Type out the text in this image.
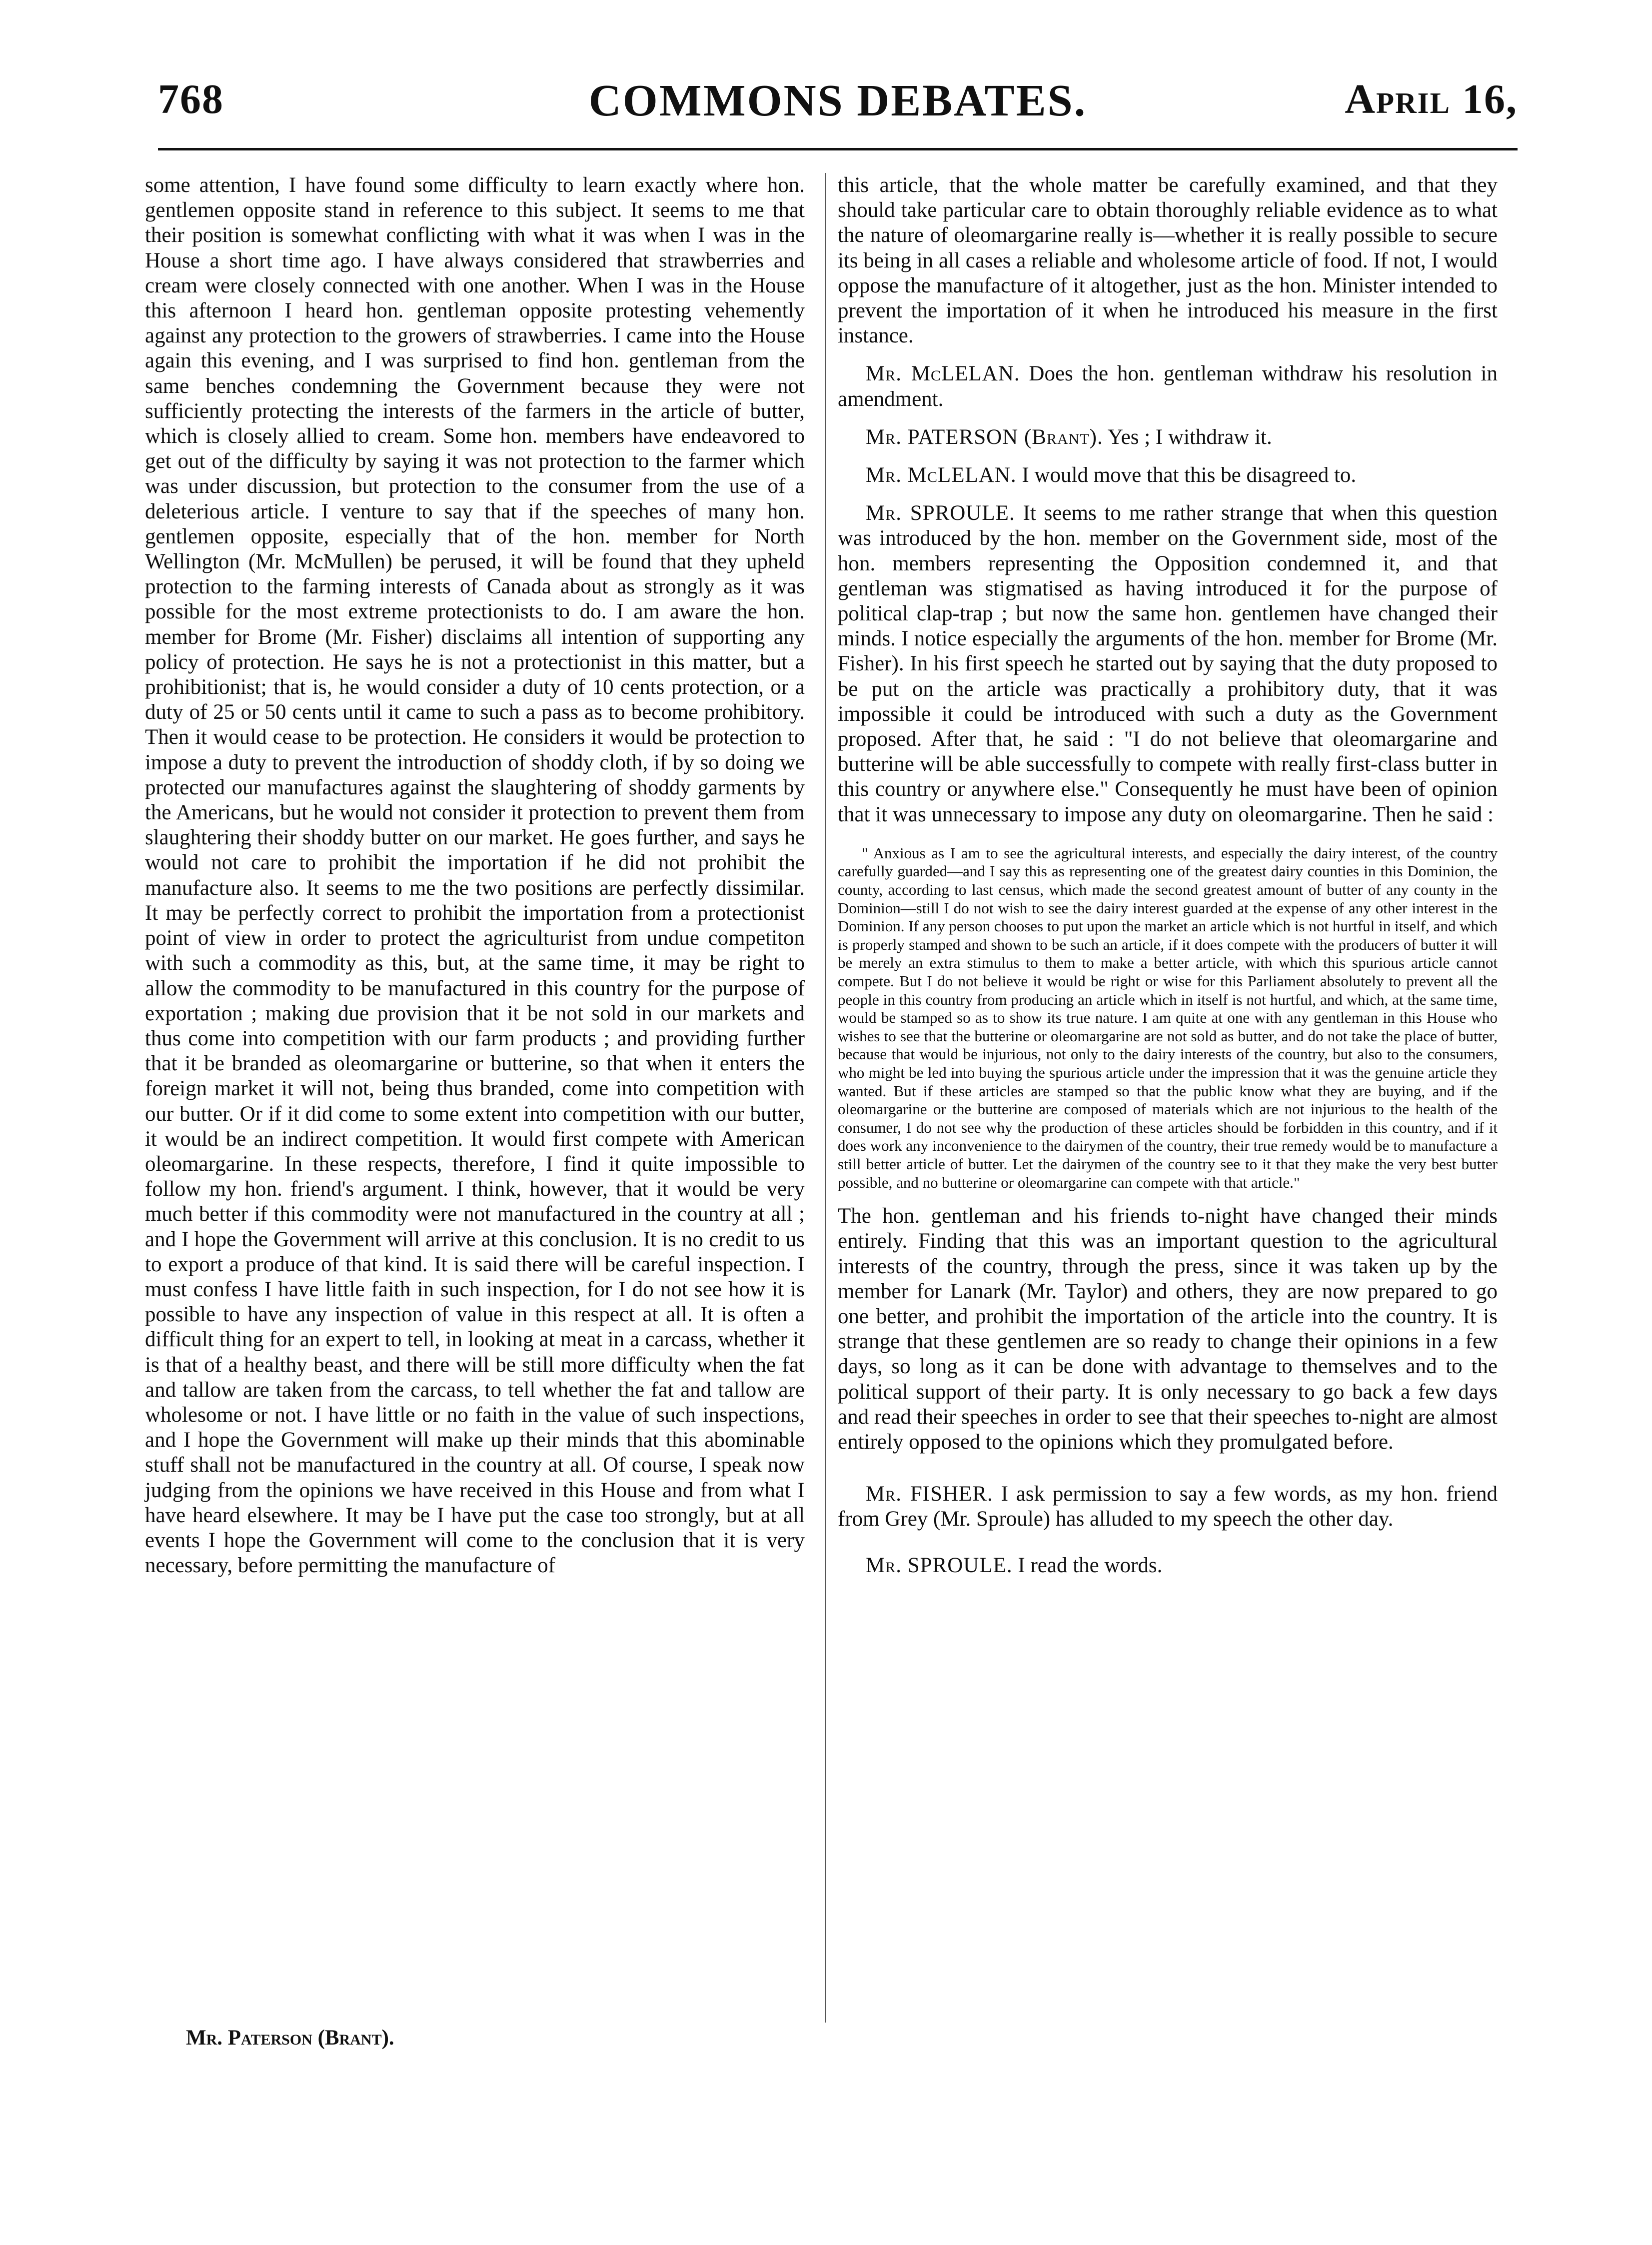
768	COMMONS DEBATES.	April 16,

some attention, I have found some difficulty to learn exactly where hon. gentlemen opposite stand in reference to this subject. It seems to me that their position is somewhat conflicting with what it was when I was in the House a short time ago. I have always considered that strawberries and cream were closely connected with one another. When I was in the House this afternoon I heard hon. gentleman opposite protesting vehemently against any protection to the growers of strawberries. I came into the House again this evening, and I was surprised to find hon. gentleman from the same benches condemning the Government because they were not sufficiently protecting the interests of the farmers in the article of butter, which is closely allied to cream. Some hon. members have endeavored to get out of the difficulty by saying it was not protection to the farmer which was under discussion, but protection to the consumer from the use of a deleterious article. I venture to say that if the speeches of many hon. gentlemen opposite, especially that of the hon. member for North Wellington (Mr. McMullen) be perused, it will be found that they upheld protection to the farming interests of Canada about as strongly as it was possible for the most extreme protectionists to do. I am aware the hon. member for Brome (Mr. Fisher) disclaims all intention of supporting any policy of protection. He says he is not a protectionist in this matter, but a prohibitionist; that is, he would consider a duty of 10 cents protection, or a duty of 25 or 50 cents until it came to such a pass as to become prohibitory. Then it would cease to be protection. He considers it would be protection to impose a duty to prevent the introduction of shoddy cloth, if by so doing we protected our manufactures against the slaughtering of shoddy garments by the Americans, but he would not consider it protection to prevent them from slaughtering their shoddy butter on our market. He goes further, and says he would not care to prohibit the importation if he did not prohibit the manufacture also. It seems to me the two positions are perfectly dissimilar. It may be perfectly correct to prohibit the importation from a protectionist point of view in order to protect the agriculturist from undue competiton with such a commodity as this, but, at the same time, it may be right to allow the commodity to be manufactured in this country for the purpose of exportation ; making due provision that it be not sold in our markets and thus come into competition with our farm products ; and providing further that it be branded as oleomargarine or butterine, so that when it enters the foreign market it will not, being thus branded, come into competition with our butter. Or if it did come to some extent into competition with our butter, it would be an indirect competition. It would first compete with American oleomargarine. In these respects, therefore, I find it quite impossible to follow my hon. friend's argument. I think, however, that it would be very much better if this commodity were not manufactured in the country at all ; and I hope the Government will arrive at this conclusion. It is no credit to us to export a produce of that kind. It is said there will be careful inspection. I must confess I have little faith in such inspection, for I do not see how it is possible to have any inspection of value in this respect at all. It is often a difficult thing for an expert to tell, in looking at meat in a carcass, whether it is that of a healthy beast, and there will be still more difficulty when the fat and tallow are taken from the carcass, to tell whether the fat and tallow are wholesome or not. I have little or no faith in the value of such inspections, and I hope the Government will make up their minds that this abominable stuff shall not be manufactured in the country at all. Of course, I speak now judging from the opinions we have received in this House and from what I have heard elsewhere. It may be I have put the case too strongly, but at all events I hope the Government will come to the conclusion that it is very necessary, before permitting the manufacture of

this article, that the whole matter be carefully examined, and that they should take particular care to obtain thoroughly reliable evidence as to what the nature of oleomargarine really is—whether it is really possible to secure its being in all cases a reliable and wholesome article of food. If not, I would oppose the manufacture of it altogether, just as the hon. Minister intended to prevent the importation of it when he introduced his measure in the first instance.

Mr. McLELAN. Does the hon. gentleman withdraw his resolution in amendment.

Mr. PATERSON (Brant). Yes ; I withdraw it.

Mr. McLELAN. I would move that this be disagreed to.

Mr. SPROULE. It seems to me rather strange that when this question was introduced by the hon. member on the Government side, most of the hon. members representing the Opposition condemned it, and that gentleman was stigmatised as having introduced it for the purpose of political clap-trap ; but now the same hon. gentlemen have changed their minds. I notice especially the arguments of the hon. member for Brome (Mr. Fisher). In his first speech he started out by saying that the duty proposed to be put on the article was practically a prohibitory duty, that it was impossible it could be introduced with such a duty as the Government proposed. After that, he said : "I do not believe that oleomargarine and butterine will be able successfully to compete with really first-class butter in this country or anywhere else." Consequently he must have been of opinion that it was unnecessary to impose any duty on oleomargarine. Then he said :

" Anxious as I am to see the agricultural interests, and especially the dairy interest, of the country carefully guarded—and I say this as representing one of the greatest dairy counties in this Dominion, the county, according to last census, which made the second greatest amount of butter of any county in the Dominion—still I do not wish to see the dairy interest guarded at the expense of any other interest in the Dominion. If any person chooses to put upon the market an article which is not hurtful in itself, and which is properly stamped and shown to be such an article, if it does compete with the producers of butter it will be merely an extra stimulus to them to make a better article, with which this spurious article cannot compete. But I do not believe it would be right or wise for this Parliament absolutely to prevent all the people in this country from producing an article which in itself is not hurtful, and which, at the same time, would be stamped so as to show its true nature. I am quite at one with any gentleman in this House who wishes to see that the butterine or oleomargarine are not sold as butter, and do not take the place of butter, because that would be injurious, not only to the dairy interests of the country, but also to the consumers, who might be led into buying the spurious article under the impression that it was the genuine article they wanted. But if these articles are stamped so that the public know what they are buying, and if the oleomargarine or the butterine are composed of materials which are not injurious to the health of the consumer, I do not see why the production of these articles should be forbidden in this country, and if it does work any inconvenience to the dairymen of the country, their true remedy would be to manufacture a still better article of butter. Let the dairymen of the country see to it that they make the very best butter possible, and no butterine or oleomargarine can compete with that article."

The hon. gentleman and his friends to-night have changed their minds entirely. Finding that this was an important question to the agricultural interests of the country, through the press, since it was taken up by the member for Lanark (Mr. Taylor) and others, they are now prepared to go one better, and prohibit the importation of the article into the country. It is strange that these gentlemen are so ready to change their opinions in a few days, so long as it can be done with advantage to themselves and to the political support of their party. It is only necessary to go back a few days and read their speeches in order to see that their speeches to-night are almost entirely opposed to the opinions which they promulgated before.

Mr. FISHER. I ask permission to say a few words, as my hon. friend from Grey (Mr. Sproule) has alluded to my speech the other day.

Mr. SPROULE. I read the words.

Mr. Paterson (Brant).
